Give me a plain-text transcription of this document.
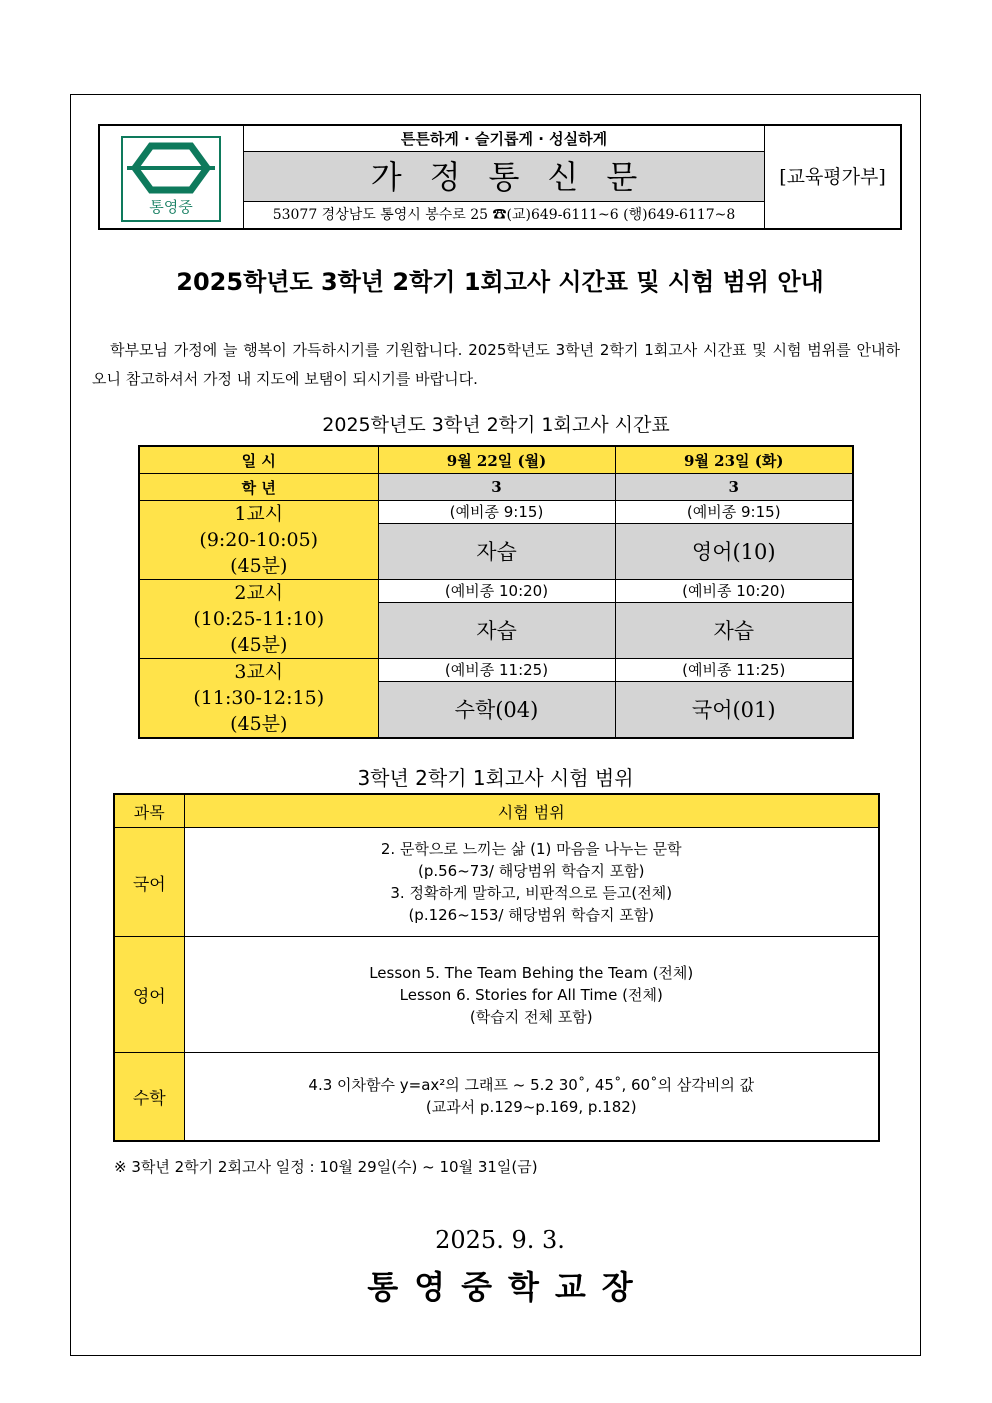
통영중
튼튼하게 · 슬기롭게 · 성실하게
가정통신문
53077 경상남도 통영시 봉수로 25 ☎(교)649-6111~6 (행)649-6117~8
[교육평가부]
2025학년도 3학년 2학기 1회고사 시간표 및 시험 범위 안내

학부모님 가정에 늘 행복이 가득하시기를 기원합니다. 2025학년도 3학년 2학기 1회고사 시간표 및 시험 범위를 안내하오니 참고하셔서 가정 내 지도에 보탬이 되시기를 바랍니다.

2025학년도 3학년 2학기 1회고사 시간표
일 시	9월 22일 (월)	9월 23일 (화)
학 년	3	3

1교시
(9:20-10:05)
(45분)	(예비종 9:15)	(예비종 9:15)
	자습	영어(10)

2교시
(10:25-11:10)
(45분)	(예비종 10:20)	(예비종 10:20)
	자습	자습

3교시
(11:30-12:15)
(45분)	(예비종 11:25)	(예비종 11:25)
	수학(04)	국어(01)
3학년 2학기 1회고사 시험 범위
과목	시험 범위
국어	2. 문학으로 느끼는 삶 (1) 마음을 나누는 문학
(p.56~73/ 해당범위 학습지 포함)
3. 정확하게 말하고, 비판적으로 듣고(전체)
(p.126~153/ 해당범위 학습지 포함)

영어	Lesson 5. The Team Behing the Team (전체)
Lesson 6. Stories for All Time (전체)
(학습지 전체 포함)

수학	4.3 이차함수 y=ax²의 그래프 ~ 5.2 30˚, 45˚, 60˚의 삼각비의 값
(교과서 p.129~p.169, p.182)
※ 3학년 2학기 2회고사 일정 : 10월 29일(수) ~ 10월 31일(금)
2025. 9. 3.
통영중학교장
